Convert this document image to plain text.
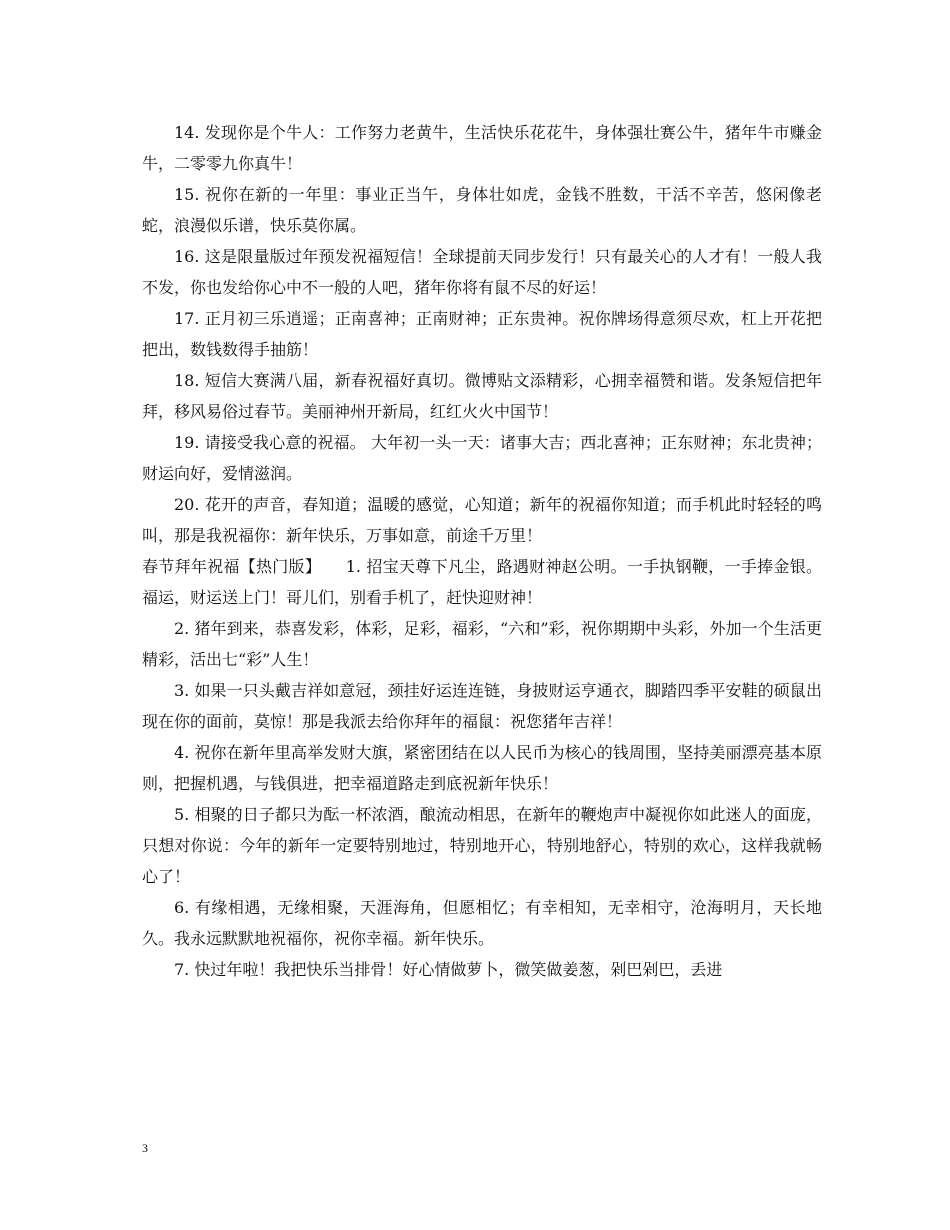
14. 发现你是个牛人：工作努力老黄牛，生活快乐花花牛，身体强壮赛公牛，猪年牛市赚金牛，二零零九你真牛！

15. 祝你在新的一年里：事业正当午，身体壮如虎，金钱不胜数，干活不辛苦，悠闲像老蛇，浪漫似乐谱，快乐莫你属。

16. 这是限量版过年预发祝福短信！全球提前天同步发行！只有最关心的人才有！一般人我不发，你也发给你心中不一般的人吧，猪年你将有鼠不尽的好运！

17. 正月初三乐逍遥；正南喜神；正南财神；正东贵神。祝你牌场得意须尽欢，杠上开花把把出，数钱数得手抽筋！

18. 短信大赛满八届，新春祝福好真切。微博贴文添精彩，心拥幸福赞和谐。发条短信把年拜，移风易俗过春节。美丽神州开新局，红红火火中国节！

19. 请接受我心意的祝福。 大年初一头一天：诸事大吉；西北喜神；正东财神；东北贵神；财运向好，爱情滋润。

20. 花开的声音，春知道；温暖的感觉，心知道；新年的祝福你知道；而手机此时轻轻的鸣叫，那是我祝福你：新年快乐，万事如意，前途千万里！

春节拜年祝福【热门版】　　1. 招宝天尊下凡尘，路遇财神赵公明。一手执钢鞭，一手捧金银。福运，财运送上门！哥儿们，别看手机了，赶快迎财神！

2. 猪年到来，恭喜发彩，体彩，足彩，福彩，“六和”彩，祝你期期中头彩，外加一个生活更精彩，活出七“彩”人生！

3. 如果一只头戴吉祥如意冠，颈挂好运连连链，身披财运亨通衣，脚踏四季平安鞋的硕鼠出现在你的面前，莫惊！那是我派去给你拜年的福鼠：祝您猪年吉祥！

4. 祝你在新年里高举发财大旗，紧密团结在以人民币为核心的钱周围，坚持美丽漂亮基本原则，把握机遇，与钱俱进，把幸福道路走到底祝新年快乐！

5. 相聚的日子都只为酝一杯浓酒，酿流动相思，在新年的鞭炮声中凝视你如此迷人的面庞，只想对你说：今年的新年一定要特别地过，特别地开心，特别地舒心，特别的欢心，这样我就畅心了！

6. 有缘相遇，无缘相聚，天涯海角，但愿相忆；有幸相知，无幸相守，沧海明月，天长地久。我永远默默地祝福你，祝你幸福。新年快乐。

7. 快过年啦！我把快乐当排骨！好心情做萝卜，微笑做姜葱，剁巴剁巴，丢进

3
